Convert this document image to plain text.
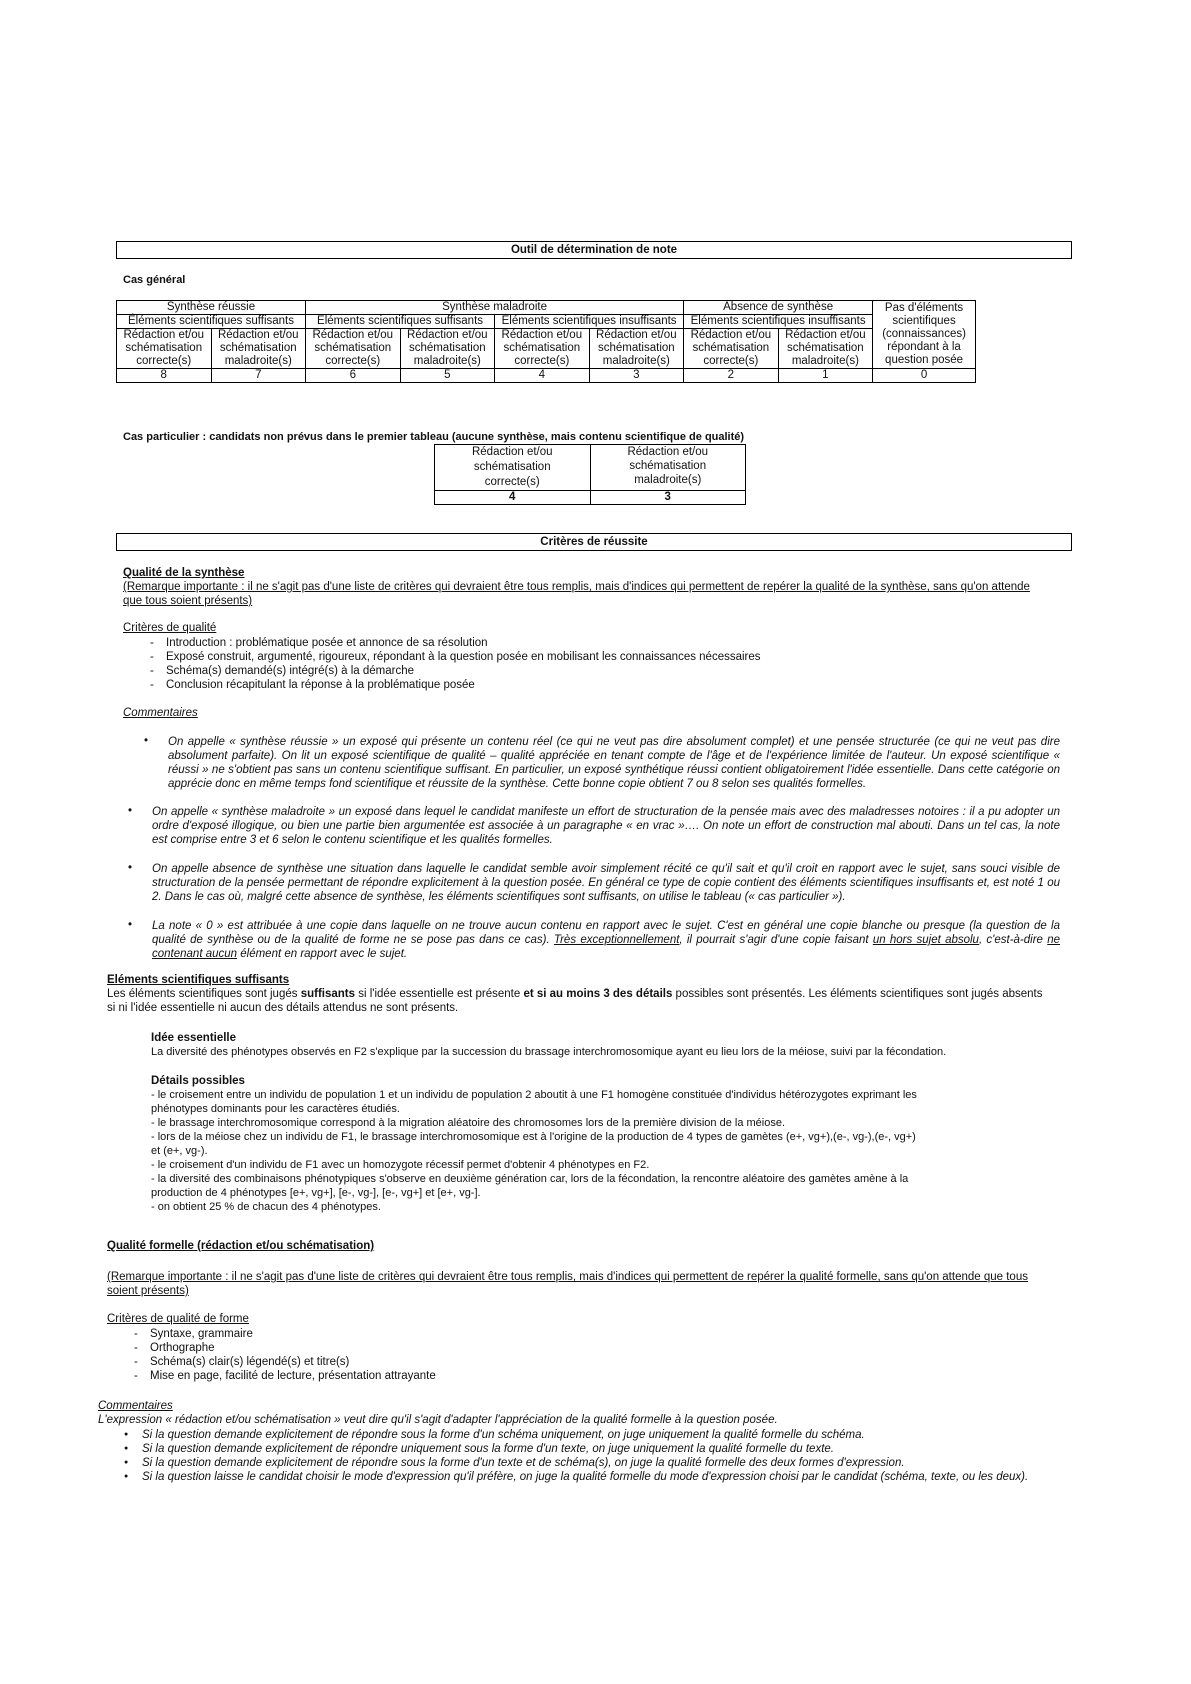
Outil de détermination de note
Cas général
Synthèse réussie		Synthèse maladroite				Absence de synthèse		Pas d'éléments scientifiques (connaissances) répondant à la question posée

Éléments scientifiques suffisants		Eléments scientifiques suffisants		Eléments scientifiques insuffisants		Eléments scientifiques insuffisants		
Rédaction et/ou schématisation correcte(s)	Rédaction et/ou schématisation maladroite(s)	Rédaction et/ou schématisation correcte(s)	Rédaction et/ou schématisation maladroite(s)	Rédaction et/ou schématisation correcte(s)	Rédaction et/ou schématisation maladroite(s)	Rédaction et/ou schématisation correcte(s)	Rédaction et/ou schématisation maladroite(s)	
8	7	6	5	4	3	2	1	0
Cas particulier : candidats non prévus dans le premier tableau (aucune synthèse, mais contenu scientifique de qualité)
Rédaction et/ou schématisation correcte(s)	Rédaction et/ou schématisation maladroite(s)
4	3
Critères de réussite
Qualité de la synthèse
(Remarque importante : il ne s'agit pas d'une liste de critères qui devraient être tous remplis, mais d'indices qui permettent de repérer la qualité de la synthèse, sans qu'on attende que tous soient présents)
Critères de qualité
- Introduction : problématique posée et annonce de sa résolution
- Exposé construit, argumenté, rigoureux, répondant à la question posée en mobilisant les connaissances nécessaires
- Schéma(s) demandé(s) intégré(s) à la démarche
- Conclusion récapitulant la réponse à la problématique posée
Commentaires
• On appelle « synthèse réussie » un exposé qui présente un contenu réel (ce qui ne veut pas dire absolument complet) et une pensée structurée (ce qui ne veut pas dire absolument parfaite). On lit un exposé scientifique de qualité – qualité appréciée en tenant compte de l'âge et de l'expérience limitée de l'auteur. Un exposé scientifique « réussi » ne s'obtient pas sans un contenu scientifique suffisant. En particulier, un exposé synthétique réussi contient obligatoirement l'idée essentielle. Dans cette catégorie on apprécie donc en même temps fond scientifique et réussite de la synthèse. Cette bonne copie obtient 7 ou 8 selon ses qualités formelles.
• On appelle « synthèse maladroite » un exposé dans lequel le candidat manifeste un effort de structuration de la pensée mais avec des maladresses notoires : il a pu adopter un ordre d'exposé illogique, ou bien une partie bien argumentée est associée à un paragraphe « en vrac »…. On note un effort de construction mal abouti. Dans un tel cas, la note est comprise entre 3 et 6 selon le contenu scientifique et les qualités formelles.
• On appelle absence de synthèse une situation dans laquelle le candidat semble avoir simplement récité ce qu'il sait et qu'il croit en rapport avec le sujet, sans souci visible de structuration de la pensée permettant de répondre explicitement à la question posée. En général ce type de copie contient des éléments scientifiques insuffisants et, est noté 1 ou 2. Dans le cas où, malgré cette absence de synthèse, les éléments scientifiques sont suffisants, on utilise le tableau (« cas particulier »).
• La note « 0 » est attribuée à une copie dans laquelle on ne trouve aucun contenu en rapport avec le sujet. C'est en général une copie blanche ou presque (la question de la qualité de synthèse ou de la qualité de forme ne se pose pas dans ce cas). Très exceptionnellement, il pourrait s'agir d'une copie faisant un hors sujet absolu, c'est-à-dire ne contenant aucun élément en rapport avec le sujet.
Eléments scientifiques suffisants
Les éléments scientifiques sont jugés suffisants si l'idée essentielle est présente et si au moins 3 des détails possibles sont présentés. Les éléments scientifiques sont jugés absents si ni l'idée essentielle ni aucun des détails attendus ne sont présents.
Idée essentielle
La diversité des phénotypes observés en F2 s'explique par la succession du brassage interchromosomique ayant eu lieu lors de la méiose, suivi par la fécondation.
Détails possibles
- le croisement entre un individu de population 1 et un individu de population 2 aboutit à une F1 homogène constituée d'individus hétérozygotes exprimant les
phénotypes dominants pour les caractères étudiés.
- le brassage interchromosomique correspond à la migration aléatoire des chromosomes lors de la première division de la méiose.
- lors de la méiose chez un individu de F1, le brassage interchromosomique est à l'origine de la production de 4 types de gamètes (e+, vg+),(e-, vg-),(e-, vg+)
et (e+, vg-).
- le croisement d'un individu de F1 avec un homozygote récessif permet d'obtenir 4 phénotypes en F2.
- la diversité des combinaisons phénotypiques s'observe en deuxième génération car, lors de la fécondation, la rencontre aléatoire des gamètes amène à la
production de 4 phénotypes [e+, vg+], [e-, vg-], [e-, vg+] et [e+, vg-].
- on obtient 25 % de chacun des 4 phénotypes.
Qualité formelle (rédaction et/ou schématisation)
(Remarque importante : il ne s'agit pas d'une liste de critères qui devraient être tous remplis, mais d'indices qui permettent de repérer la qualité formelle, sans qu'on attende que tous soient présents)
Critères de qualité de forme
- Syntaxe, grammaire
- Orthographe
- Schéma(s) clair(s) légendé(s) et titre(s)
- Mise en page, facilité de lecture, présentation attrayante
Commentaires
L'expression « rédaction et/ou schématisation » veut dire qu'il s'agit d'adapter l'appréciation de la qualité formelle à la question posée.
● Si la question demande explicitement de répondre sous la forme d'un schéma uniquement, on juge uniquement la qualité formelle du schéma.
● Si la question demande explicitement de répondre uniquement sous la forme d'un texte, on juge uniquement la qualité formelle du texte.
● Si la question demande explicitement de répondre sous la forme d'un texte et de schéma(s), on juge la qualité formelle des deux formes d'expression.
● Si la question laisse le candidat choisir le mode d'expression qu'il préfère, on juge la qualité formelle du mode d'expression choisi par le candidat (schéma, texte, ou les deux).
